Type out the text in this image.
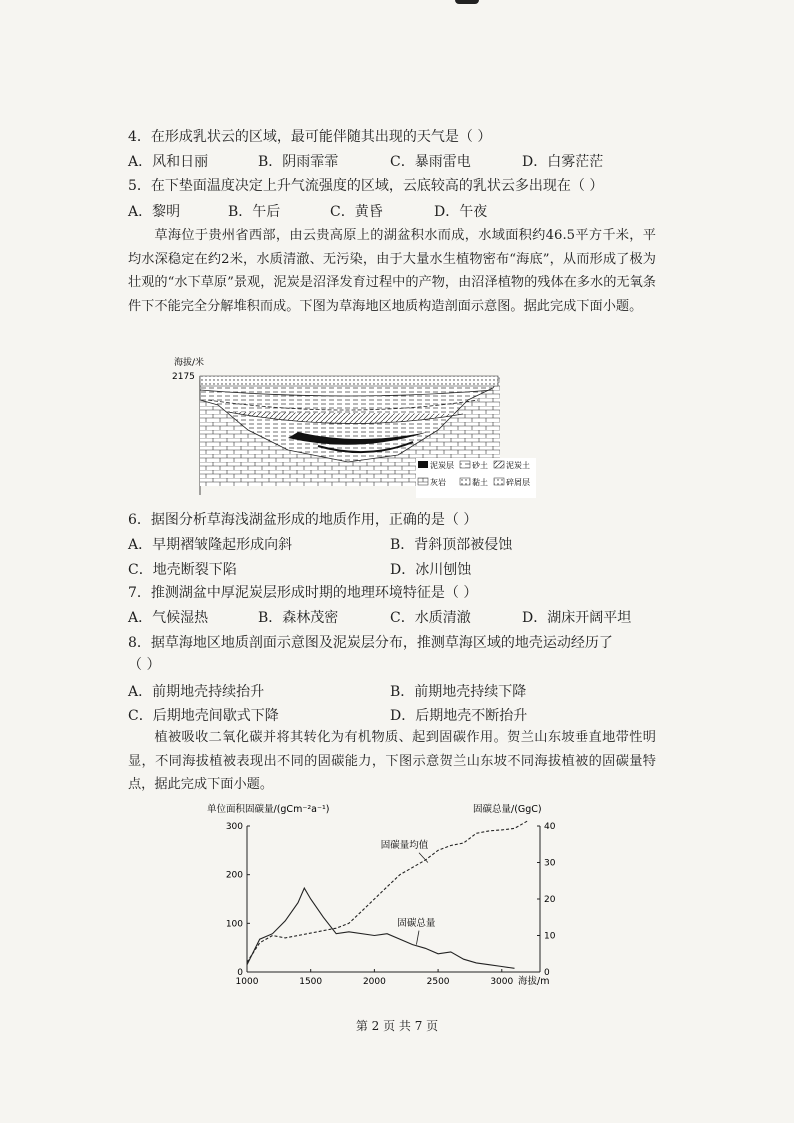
4．在形成乳状云的区域，最可能伴随其出现的天气是（ ）
A．风和日丽	B．阴雨霏霏	C．暴雨雷电	D．白雾茫茫
5．在下垫面温度决定上升气流强度的区域，云底较高的乳状云多出现在（ ）
A．黎明	B．午后	C．黄昏	D．午夜
草海位于贵州省西部，由云贵高原上的湖盆积水而成，水域面积约46.5平方千米，平均水深稳定在约2米，水质清澈、无污染，由于大量水生植物密布“海底”，从而形成了极为壮观的“水下草原”景观，泥炭是沼泽发育过程中的产物，由沼泽植物的残体在多水的无氧条件下不能完全分解堆积而成。下图为草海地区地质构造剖面示意图。据此完成下面小题。
海拔/米
2175
泥炭层 砂土 泥炭土
灰岩	黏土 碎屑层
6．据图分析草海浅湖盆形成的地质作用，正确的是（ ）
A．早期褶皱隆起形成向斜	B．背斜顶部被侵蚀
C．地壳断裂下陷	D．冰川刨蚀
7．推测湖盆中厚泥炭层形成时期的地理环境特征是（ ）
A．气候湿热	B．森林茂密	C．水质清澈	D．湖床开阔平坦
8．据草海地区地质剖面示意图及泥炭层分布，推测草海区域的地壳运动经历了
（ ）
A．前期地壳持续抬升	B．前期地壳持续下降
C．后期地壳间歇式下降	D．后期地壳不断抬升
植被吸收二氧化碳并将其转化为有机物质、起到固碳作用。贺兰山东坡垂直地带性明显，不同海拔植被表现出不同的固碳能力，下图示意贺兰山东坡不同海拔植被的固碳量特点，据此完成下面小题。
单位面积固碳量/(gCm⁻²a⁻¹)	固碳总量/(GgC)
海拔/m
1000	1500	2000	2500	3000
0
100
200
300
0
10
20
30
40
固碳量均值
固碳总量
第 2 页 共 7 页
